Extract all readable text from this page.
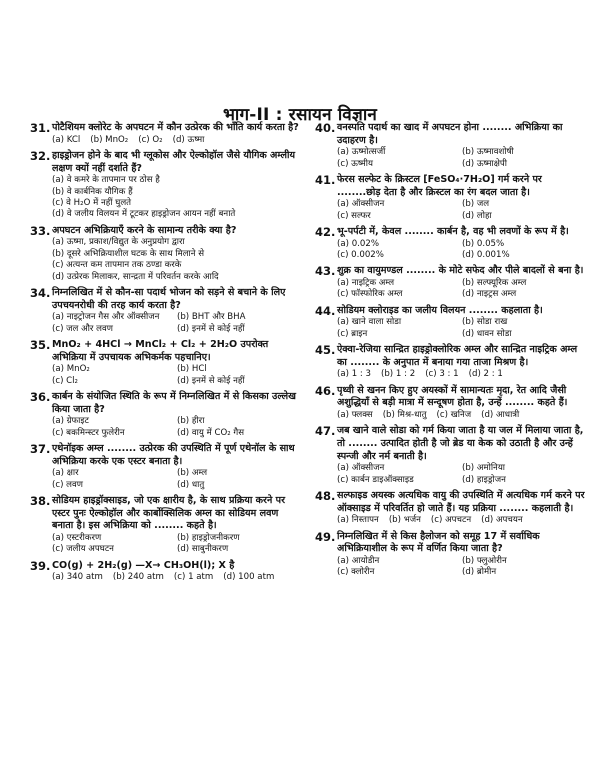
भाग-II : रसायन विज्ञान
31. पोटैशियम क्लोरेट के अपघटन में कौन उत्प्रेरक की भाँति कार्य करता है?
(a) KCl (b) MnO₂ (c) O₂ (d) ऊष्मा
32. हाइड्रोजन होने के बाद भी ग्लूकोस और ऐल्कोहॉल जैसे यौगिक अम्लीय लक्षण क्यों नहीं दर्शाते हैं?
(a) वे कमरे के तापमान पर ठोस है
(b) वे कार्बनिक यौगिक हैं
(c) वे H₂O में नहीं घुलते
(d) वे जलीय विलयन में टूटकर हाइड्रोजन आयन नहीं बनाते
33. अपघटन अभिक्रियाएँ करने के सामान्य तरीके क्या है?
(a) ऊष्मा, प्रकाश/विद्युत के अनुप्रयोग द्वारा
(b) दूसरे अभिक्रियाशील घटक के साथ मिलाने से
(c) अत्यन्त कम तापमान तक ठण्डा करके
(d) उत्प्रेरक मिलाकर, सान्द्रता में परिवर्तन करके आदि
34. निम्नलिखित में से कौन-सा पदार्थ भोजन को सड़ने से बचाने के लिए उपचयनरोधी की तरह कार्य करता है?
(a) नाइट्रोजन गैस और ऑक्सीजन	(b) BHT और BHA
(c) जल और लवण	(d) इनमें से कोई नहीं
35. MnO₂ + 4HCl → MnCl₂ + Cl₂ + 2H₂O उपरोक्त अभिक्रिया में उपचायक अभिकर्मक पहचानिए।
(a) MnO₂	(b) HCl
(c) Cl₂	(d) इनमें से कोई नहीं
36. कार्बन के संयोजित स्थिति के रूप में निम्नलिखित में से किसका उल्लेख किया जाता है?
(a) ग्रेफाइट	(b) हीरा
(c) बकमिन्स्टर फुलेरीन	(d) वायु में CO₂ गैस
37. एथेनॉइक अम्ल ........ उत्प्रेरक की उपस्थिति में पूर्ण एथेनॉल के साथ अभिक्रिया करके एक एस्टर बनाता है।
(a) क्षार	(b) अम्ल
(c) लवण	(d) धातु
38. सोडियम हाइड्रॉक्साइड, जो एक क्षारीय है, के साथ प्रक्रिया करने पर एस्टर पुनः ऐल्कोहॉल और कार्बोक्सिलिक अम्ल का सोडियम लवण बनाता है। इस अभिक्रिया को ........ कहते है।
(a) एस्टरीकरण	(b) हाइड्रोजनीकरण
(c) जलीय अपघटन	(d) साबुनीकरण
39. CO(g) + 2H₂(g) —X→ CH₃OH(l); X है
(a) 340 atm (b) 240 atm (c) 1 atm (d) 100 atm
40. वनस्पति पदार्थ का खाद में अपघटन होना ........ अभिक्रिया का उदाहरण है।
(a) ऊष्मोत्सर्जी	(b) ऊष्मावशोषी
(c) ऊष्मीय	(d) ऊष्माक्षेपी
41. फेरस सल्फेट के क्रिस्टल [FeSO₄·7H₂O] गर्म करने पर ........छोड़ देता है और क्रिस्टल का रंग बदल जाता है।
(a) ऑक्सीजन	(b) जल
(c) सल्फर	(d) लोहा
42. भू-पर्पटी में, केवल ........ कार्बन है, वह भी लवणों के रूप में है।
(a) 0.02%	(b) 0.05%
(c) 0.002%	(d) 0.001%
43. शुक्र का वायुमण्डल ........ के मोटे सफेद और पीले बादलों से बना है।
(a) नाइट्रिक अम्ल	(b) सल्फ्यूरिक अम्ल
(c) फॉस्फोरिक अम्ल	(d) नाइट्रस अम्ल
44. सोडियम क्लोराइड का जलीय विलयन ........ कहलाता है।
(a) खाने वाला सोडा	(b) सोडा राख
(c) ब्राइन	(d) धावन सोडा
45. ऐक्वा-रेजिया सान्द्रित हाइड्रोक्लोरिक अम्ल और सान्द्रित नाइट्रिक अम्ल का ........ के अनुपात में बनाया गया ताजा मिश्रण है।
(a) 1 : 3 (b) 1 : 2 (c) 3 : 1 (d) 2 : 1
46. पृथ्वी से खनन किए हुए अयस्कों में सामान्यतः मृदा, रेत आदि जैसी अशुद्धियाँ से बड़ी मात्रा में सन्दूषण होता है, उन्हें ........ कहते हैं।
(a) फ्लक्स (b) मिश्र-धातु (c) खनिज (d) आधात्री
47. जब खाने वाले सोडा को गर्म किया जाता है या जल में मिलाया जाता है, तो ........ उत्पादित होती है जो ब्रेड या केक को उठाती है और उन्हें स्पन्जी और नर्म बनाती है।
(a) ऑक्सीजन	(b) अमोनिया
(c) कार्बन डाइऑक्साइड	(d) हाइड्रोजन
48. सल्फाइड अयस्क अत्यधिक वायु की उपस्थिति में अत्यधिक गर्म करने पर ऑक्साइड में परिवर्तित हो जाते हैं। यह प्रक्रिया ........ कहलाती है।
(a) निस्तापन (b) भर्जन (c) अपचटन (d) अपचयन
49. निम्नलिखित में से किस हैलोजन को समूह 17 में सर्वाधिक अभिक्रियाशील के रूप में वर्णित किया जाता है?
(a) आयोडीन	(b) फ्लुओरीन
(c) क्लोरीन	(d) ब्रोमीन
